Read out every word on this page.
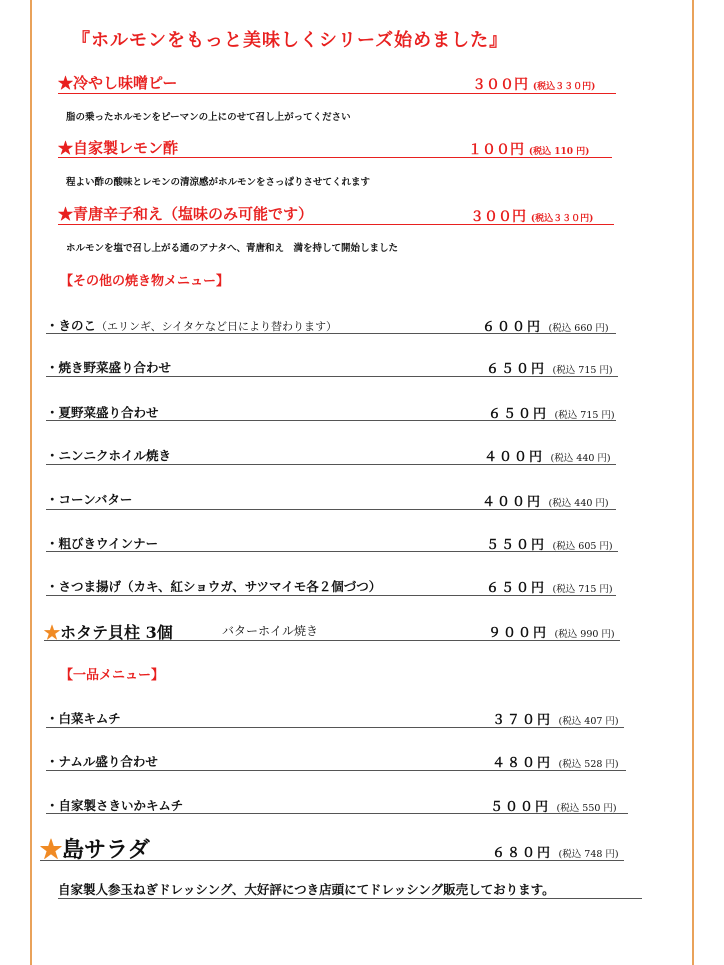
『ホルモンをもっと美味しくシリーズ始めました』
★冷やし味噌ピー	３００円 (税込３３０円)
脂の乗ったホルモンをピーマンの上にのせて召し上がってください
★自家製レモン酢	１００円 (税込 110 円)
程よい酢の酸味とレモンの清涼感がホルモンをさっぱりさせてくれます
★青唐辛子和え（塩味のみ可能です）	３００円 (税込３３０円)
ホルモンを塩で召し上がる通のアナタへ、青唐和え　満を持して開始しました
【その他の焼き物メニュー】
・きのこ（エリンギ、シイタケなど日により替わります）	６００円 (税込 660 円)
・焼き野菜盛り合わせ	６５０円 (税込 715 円)
・夏野菜盛り合わせ	６５０円 (税込 715 円)
・ニンニクホイル焼き	４００円 (税込 440 円)
・コーンバター	４００円 (税込 440 円)
・粗びきウインナー	５５０円 (税込 605 円)
・さつま揚げ（カキ、紅ショウガ、サツマイモ各２個づつ）	６５０円 (税込 715 円)
★ホタテ貝柱 3個	バターホイル焼き	９００円 (税込 990 円)
【一品メニュー】
・白菜キムチ	３７０円 (税込 407 円)
・ナムル盛り合わせ	４８０円 (税込 528 円)
・自家製さきいかキムチ	５００円 (税込 550 円)
★島サラダ	６８０円 (税込 748 円)
自家製人参玉ねぎドレッシング、大好評につき店頭にてドレッシング販売しております。
